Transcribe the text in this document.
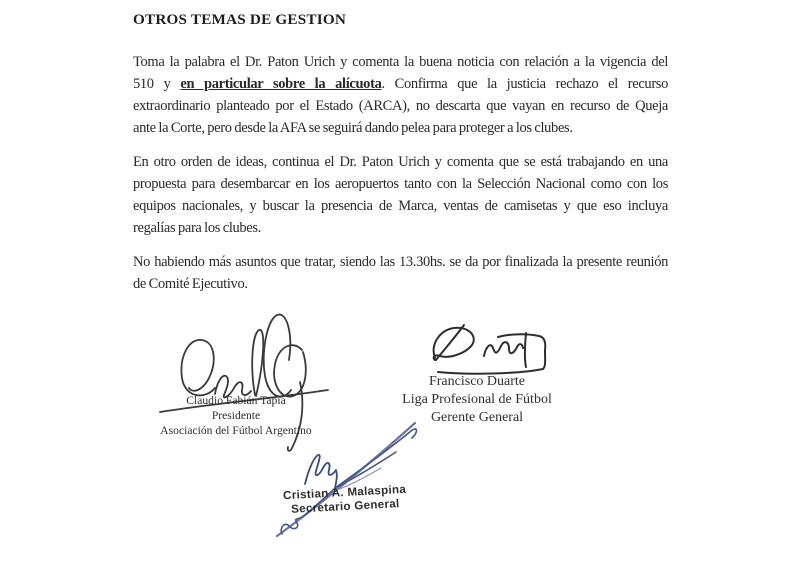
OTROS TEMAS DE GESTION
Toma la palabra el Dr. Paton Urich y comenta la buena noticia con relación a la vigencia del
510 y en particular sobre la alícuota. Confirma que la justicia rechazo el recurso
extraordinario planteado por el Estado (ARCA), no descarta que vayan en recurso de Queja
ante la Corte, pero desde la AFA se seguirá dando pelea para proteger a los clubes.
En otro orden de ideas, continua el Dr. Paton Urich y comenta que se está trabajando en una
propuesta para desembarcar en los aeropuertos tanto con la Selección Nacional como con los
equipos nacionales, y buscar la presencia de Marca, ventas de camisetas y que eso incluya
regalías para los clubes.
No habiendo más asuntos que tratar, siendo las 13.30hs. se da por finalizada la presente reunión
de Comité Ejecutivo.
Claudio Fabián Tapia
Presidente
Asociación del Fútbol Argentino
Francisco Duarte
Liga Profesional de Fútbol
Gerente General
Cristian A. Malaspina
Secretario General
